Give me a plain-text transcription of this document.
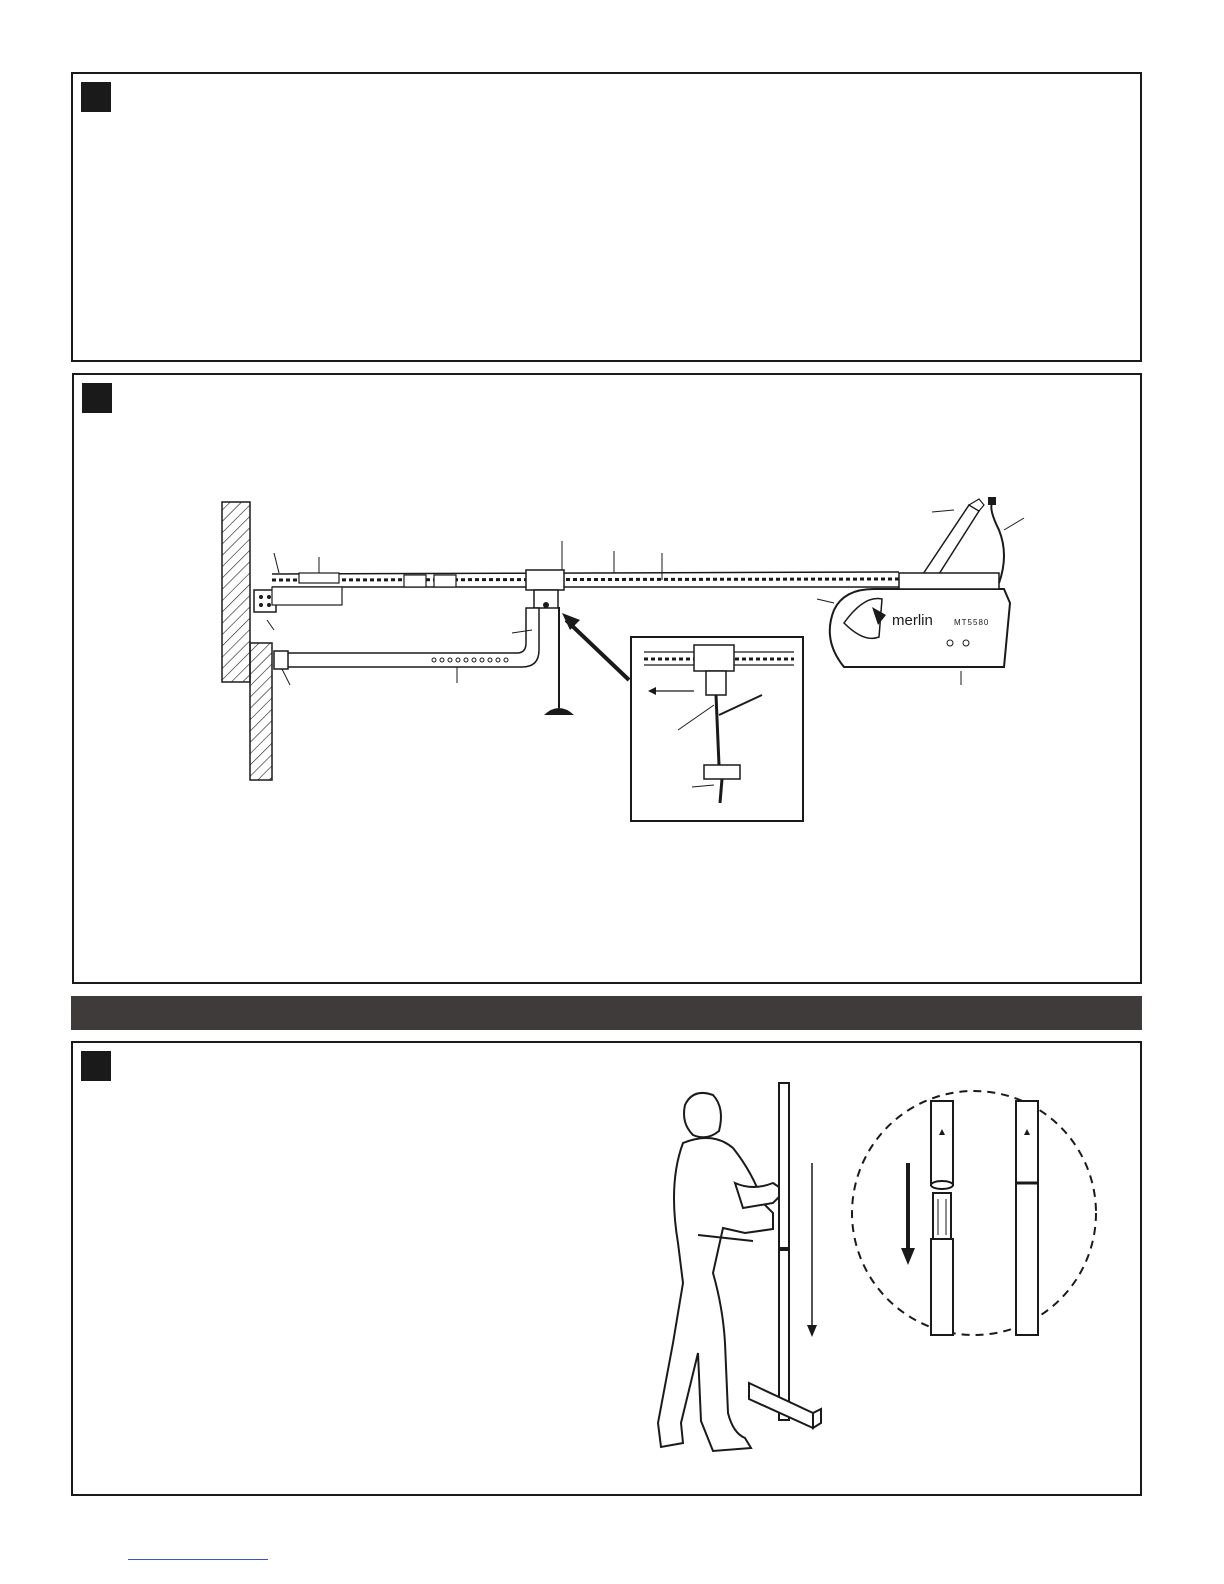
merlin	MT5580
